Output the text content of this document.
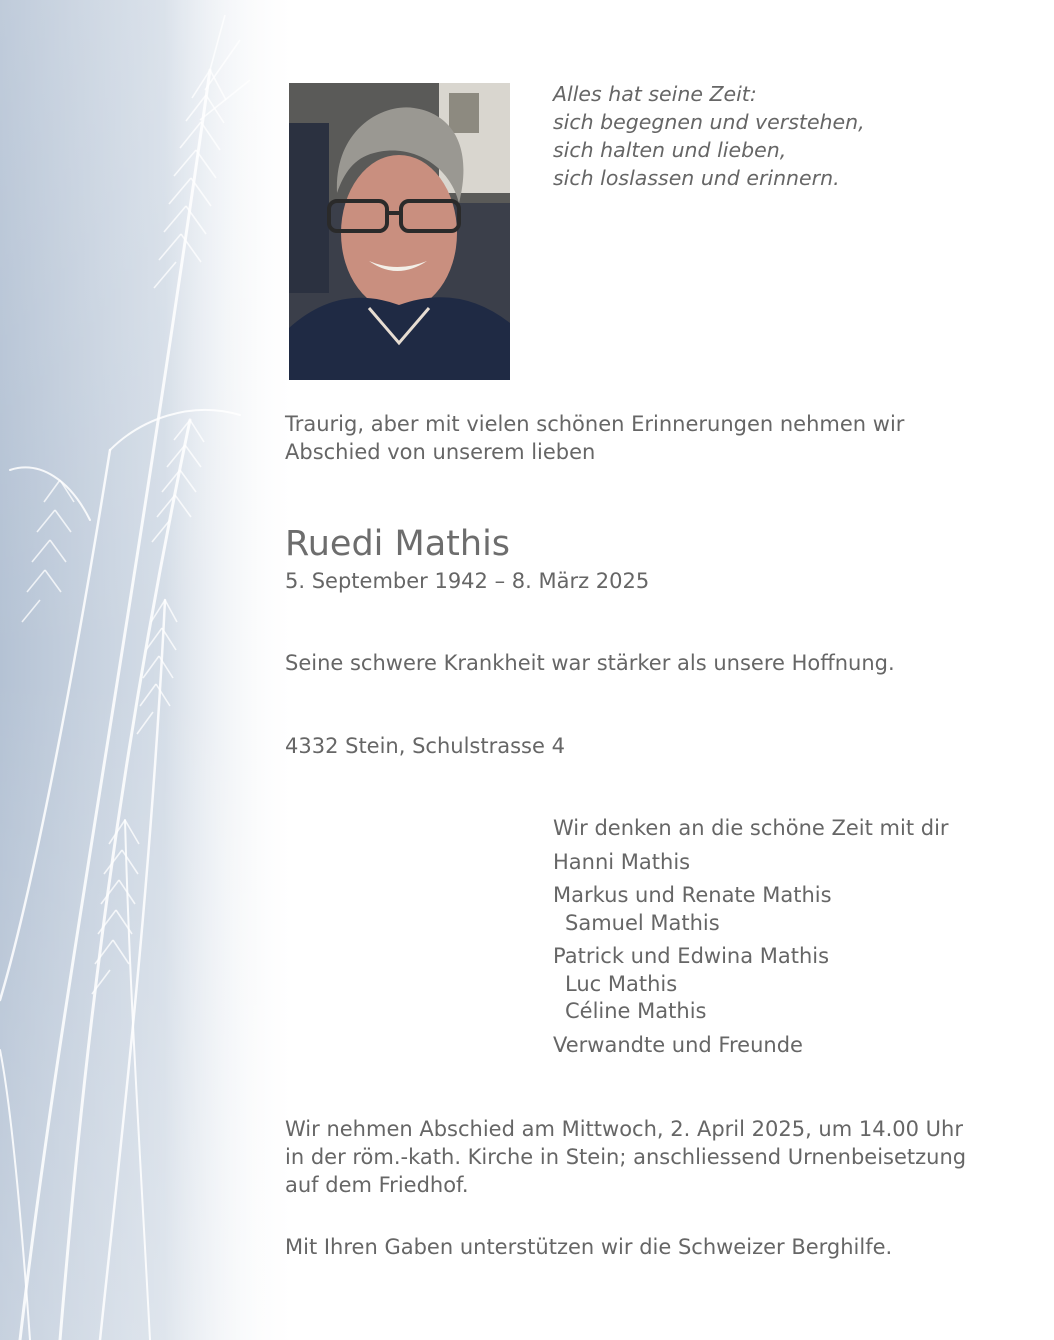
Alles hat seine Zeit:
sich begegnen und verstehen,
sich halten und lieben,
sich loslassen und erinnern.
Traurig, aber mit vielen schönen Erinnerungen nehmen wir
Abschied von unserem lieben
Ruedi Mathis
5. September 1942 – 8. März 2025
Seine schwere Krankheit war stärker als unsere Hoffnung.
4332 Stein, Schulstrasse 4
Wir denken an die schöne Zeit mit dir
Hanni Mathis
Markus und Renate Mathis
Samuel Mathis
Patrick und Edwina Mathis
Luc Mathis
Céline Mathis
Verwandte und Freunde
Wir nehmen Abschied am Mittwoch, 2. April 2025, um 14.00 Uhr
in der röm.-kath. Kirche in Stein; anschliessend Urnenbeisetzung
auf dem Friedhof.
Mit Ihren Gaben unterstützen wir die Schweizer Berghilfe.
